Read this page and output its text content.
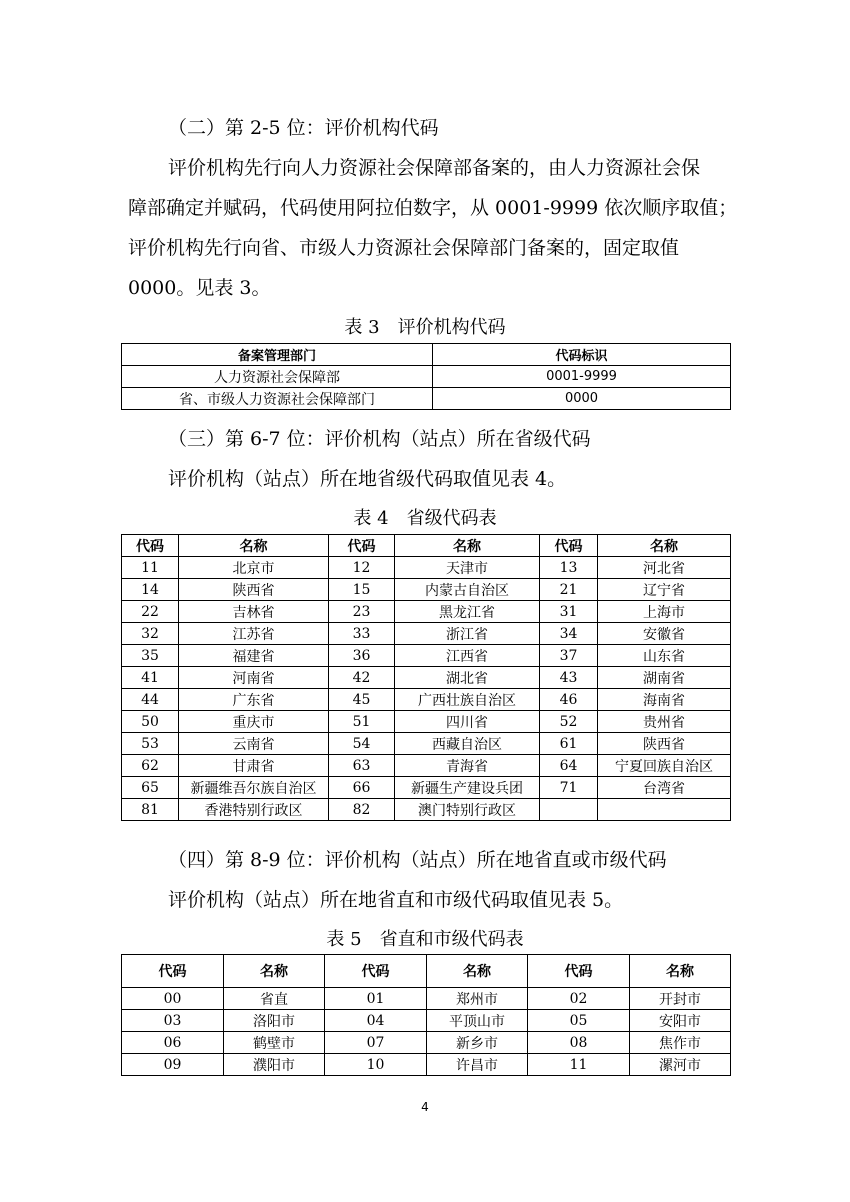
（二）第 2-5 位：评价机构代码
评价机构先行向人力资源社会保障部备案的，由人力资源社会保
障部确定并赋码，代码使用阿拉伯数字，从 0001-9999 依次顺序取值；
评价机构先行向省、市级人力资源社会保障部门备案的，固定取值
0000。见表 3。
表 3　评价机构代码
备案管理部门	代码标识
人力资源社会保障部	0001-9999
省、市级人力资源社会保障部门	0000
（三）第 6-7 位：评价机构（站点）所在省级代码
评价机构（站点）所在地省级代码取值见表 4。
表 4　省级代码表
代码	名称	代码	名称	代码	名称
11	北京市	12	天津市	13	河北省
14	陕西省	15	内蒙古自治区	21	辽宁省
22	吉林省	23	黑龙江省	31	上海市
32	江苏省	33	浙江省	34	安徽省
35	福建省	36	江西省	37	山东省
41	河南省	42	湖北省	43	湖南省
44	广东省	45	广西壮族自治区	46	海南省
50	重庆市	51	四川省	52	贵州省
53	云南省	54	西藏自治区	61	陕西省
62	甘肃省	63	青海省	64	宁夏回族自治区
65	新疆维吾尔族自治区	66	新疆生产建设兵团	71	台湾省
81	香港特别行政区	82	澳门特别行政区		
（四）第 8-9 位：评价机构（站点）所在地省直或市级代码
评价机构（站点）所在地省直和市级代码取值见表 5。
表 5　省直和市级代码表
代码	名称	代码	名称	代码	名称
00	省直	01	郑州市	02	开封市
03	洛阳市	04	平顶山市	05	安阳市
06	鹤壁市	07	新乡市	08	焦作市
09	濮阳市	10	许昌市	11	漯河市
4
